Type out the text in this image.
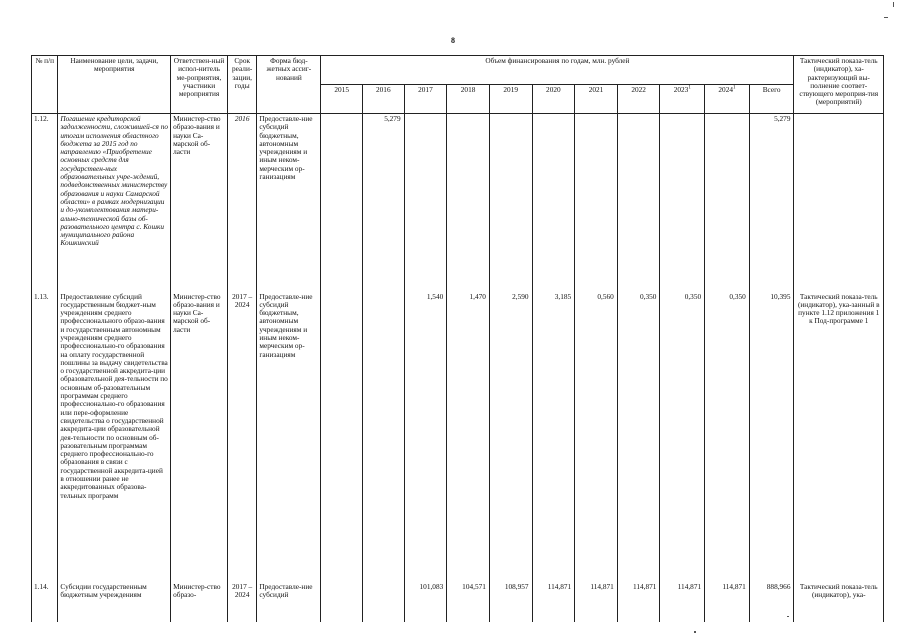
8
№ п/п	Наименование цели, задачи, мероприятия	Ответствен-ный испол-нитель ме-роприятия, участники мероприятия	Срок реали-зации, годы	Форма бюд-жетных ассиг-нований	Объем финансирования по годам, млн. рублей											Тактический показа-тель (индикатор), ха-рактеризующий вы-полнение соответ-ствующего мероприя-тия (мероприятий)
					2015	2016	2017	2018	2019	2020	2021	2022	2023$^1$	2024$^1$	Всего	
1.12.	Погашение кредиторской задолженности, сложившей-ся по итогам исполнения областного бюджета за 2015 год по направлению «Приобретение основных средств для государствен-ных образовательных учре-ждений, подведомственных министерству образования и науки Самарской области» в рамках модернизации и до-укомплектования матери-ально-технической базы об-разовательного центра с. Кошки муниципального района Кошкинский	Министер-ство образо-вания и науки Са-марской об-ласти	2016	Предоставле-ние субсидий бюджетным, автономным учреждениям и иным неком-мерческим ор-ганизациям		5,279									5,279	
1.13.	Предоставление субсидий государственным бюджет-ным учреждениям среднего профессионального образо-вания и государственным автономным учреждениям среднего профессионально-го образования на оплату государственной пошлины за выдачу свидетельства о государственной аккредита-ции образовательной дея-тельности по основным об-разовательным программам среднего профессионально-го образования или пере-оформление свидетельства о государственной аккредита-ции образовательной дея-тельности по основным об-разовательным программам среднего профессионально-го образования в связи с государственной аккредита-цией в отношении ранее не аккредитованных образова-тельных программ	Министер-ство образо-вания и науки Са-марской об-ласти	2017 – 2024	Предоставле-ние субсидий бюджетным, автономным учреждениям и иным неком-мерческим ор-ганизациям			1,540	1,470	2,590	3,185	0,560	0,350	0,350	0,350	10,395	Тактический показа-тель (индикатор), ука-занный в пункте 1.12 приложения 1 к Под-программе 1
1.14.	Субсидии государственным бюджетным учреждениям	Министер-ство образо-	2017 – 2024	Предоставле-ние субсидий			101,083	104,571	108,957	114,871	114,871	114,871	114,871	114,871	888,966	Тактический показа-тель (индикатор), ука-
